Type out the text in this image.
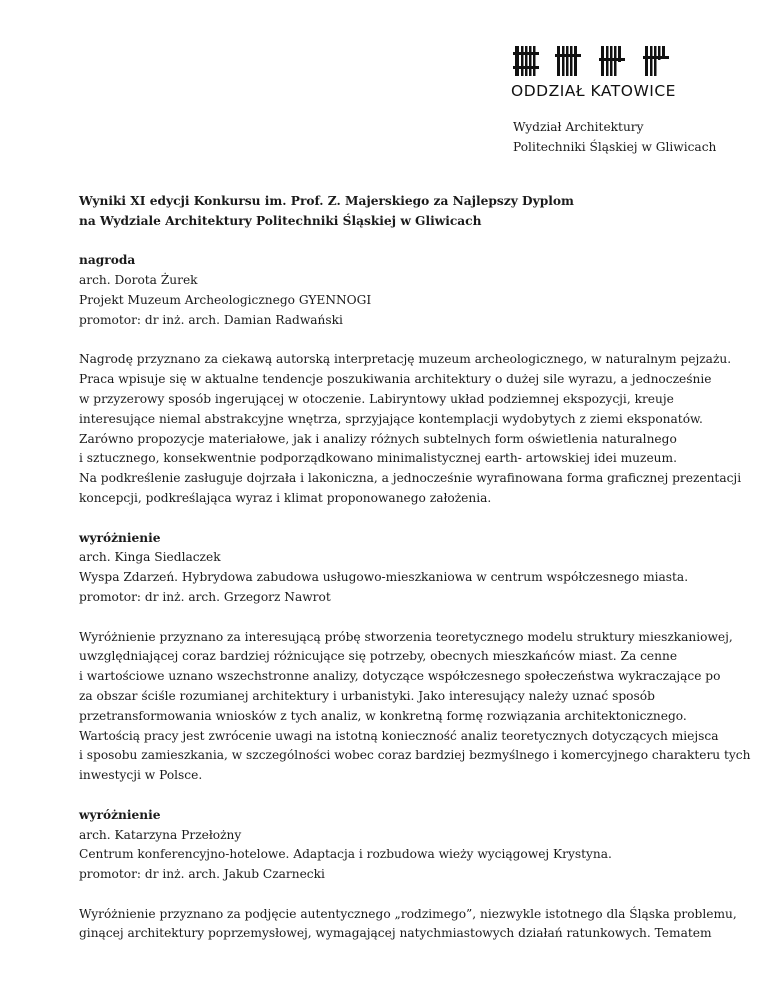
ODDZIAŁ KATOWICE
Wydział Architektury
Politechniki Śląskiej w Gliwicach
Wyniki XI edycji Konkursu im. Prof. Z. Majerskiego za Najlepszy Dyplom
na Wydziale Architektury Politechniki Śląskiej w Gliwicach
nagroda
arch. Dorota Żurek
Projekt Muzeum Archeologicznego GYENNOGI
promotor: dr inż. arch. Damian Radwański
Nagrodę przyznano za ciekawą autorską interpretację muzeum archeologicznego, w naturalnym pejzażu.
Praca wpisuje się w aktualne tendencje poszukiwania architektury o dużej sile wyrazu, a jednocześnie
w przyzerowy sposób ingerującej w otoczenie. Labiryntowy układ podziemnej ekspozycji, kreuje
interesujące niemal abstrakcyjne wnętrza, sprzyjające kontemplacji wydobytych z ziemi eksponatów.
Zarówno propozycje materiałowe, jak i analizy różnych subtelnych form oświetlenia naturalnego
i sztucznego, konsekwentnie podporządkowano minimalistycznej earth- artowskiej idei muzeum.
Na podkreślenie zasługuje dojrzała i lakoniczna, a jednocześnie wyrafinowana forma graficznej prezentacji
koncepcji, podkreślająca wyraz i klimat proponowanego założenia.
wyróżnienie
arch. Kinga Siedlaczek
Wyspa Zdarzeń. Hybrydowa zabudowa usługowo-mieszkaniowa w centrum współczesnego miasta.
promotor: dr inż. arch. Grzegorz Nawrot
Wyróżnienie przyznano za interesującą próbę stworzenia teoretycznego modelu struktury mieszkaniowej,
uwzględniającej coraz bardziej różnicujące się potrzeby, obecnych mieszkańców miast. Za cenne
i wartościowe uznano wszechstronne analizy, dotyczące współczesnego społeczeństwa wykraczające po
za obszar ściśle rozumianej architektury i urbanistyki. Jako interesujący należy uznać sposób
przetransformowania wniosków z tych analiz, w konkretną formę rozwiązania architektonicznego.
Wartością pracy jest zwrócenie uwagi na istotną konieczność analiz teoretycznych dotyczących miejsca
i sposobu zamieszkania, w szczególności wobec coraz bardziej bezmyślnego i komercyjnego charakteru tych
inwestycji w Polsce.
wyróżnienie
arch. Katarzyna Przełożny
Centrum konferencyjno-hotelowe. Adaptacja i rozbudowa wieży wyciągowej Krystyna.
promotor: dr inż. arch. Jakub Czarnecki
Wyróżnienie przyznano za podjęcie autentycznego „rodzimego”, niezwykle istotnego dla Śląska problemu,
ginącej architektury poprzemysłowej, wymagającej natychmiastowych działań ratunkowych. Tematem
